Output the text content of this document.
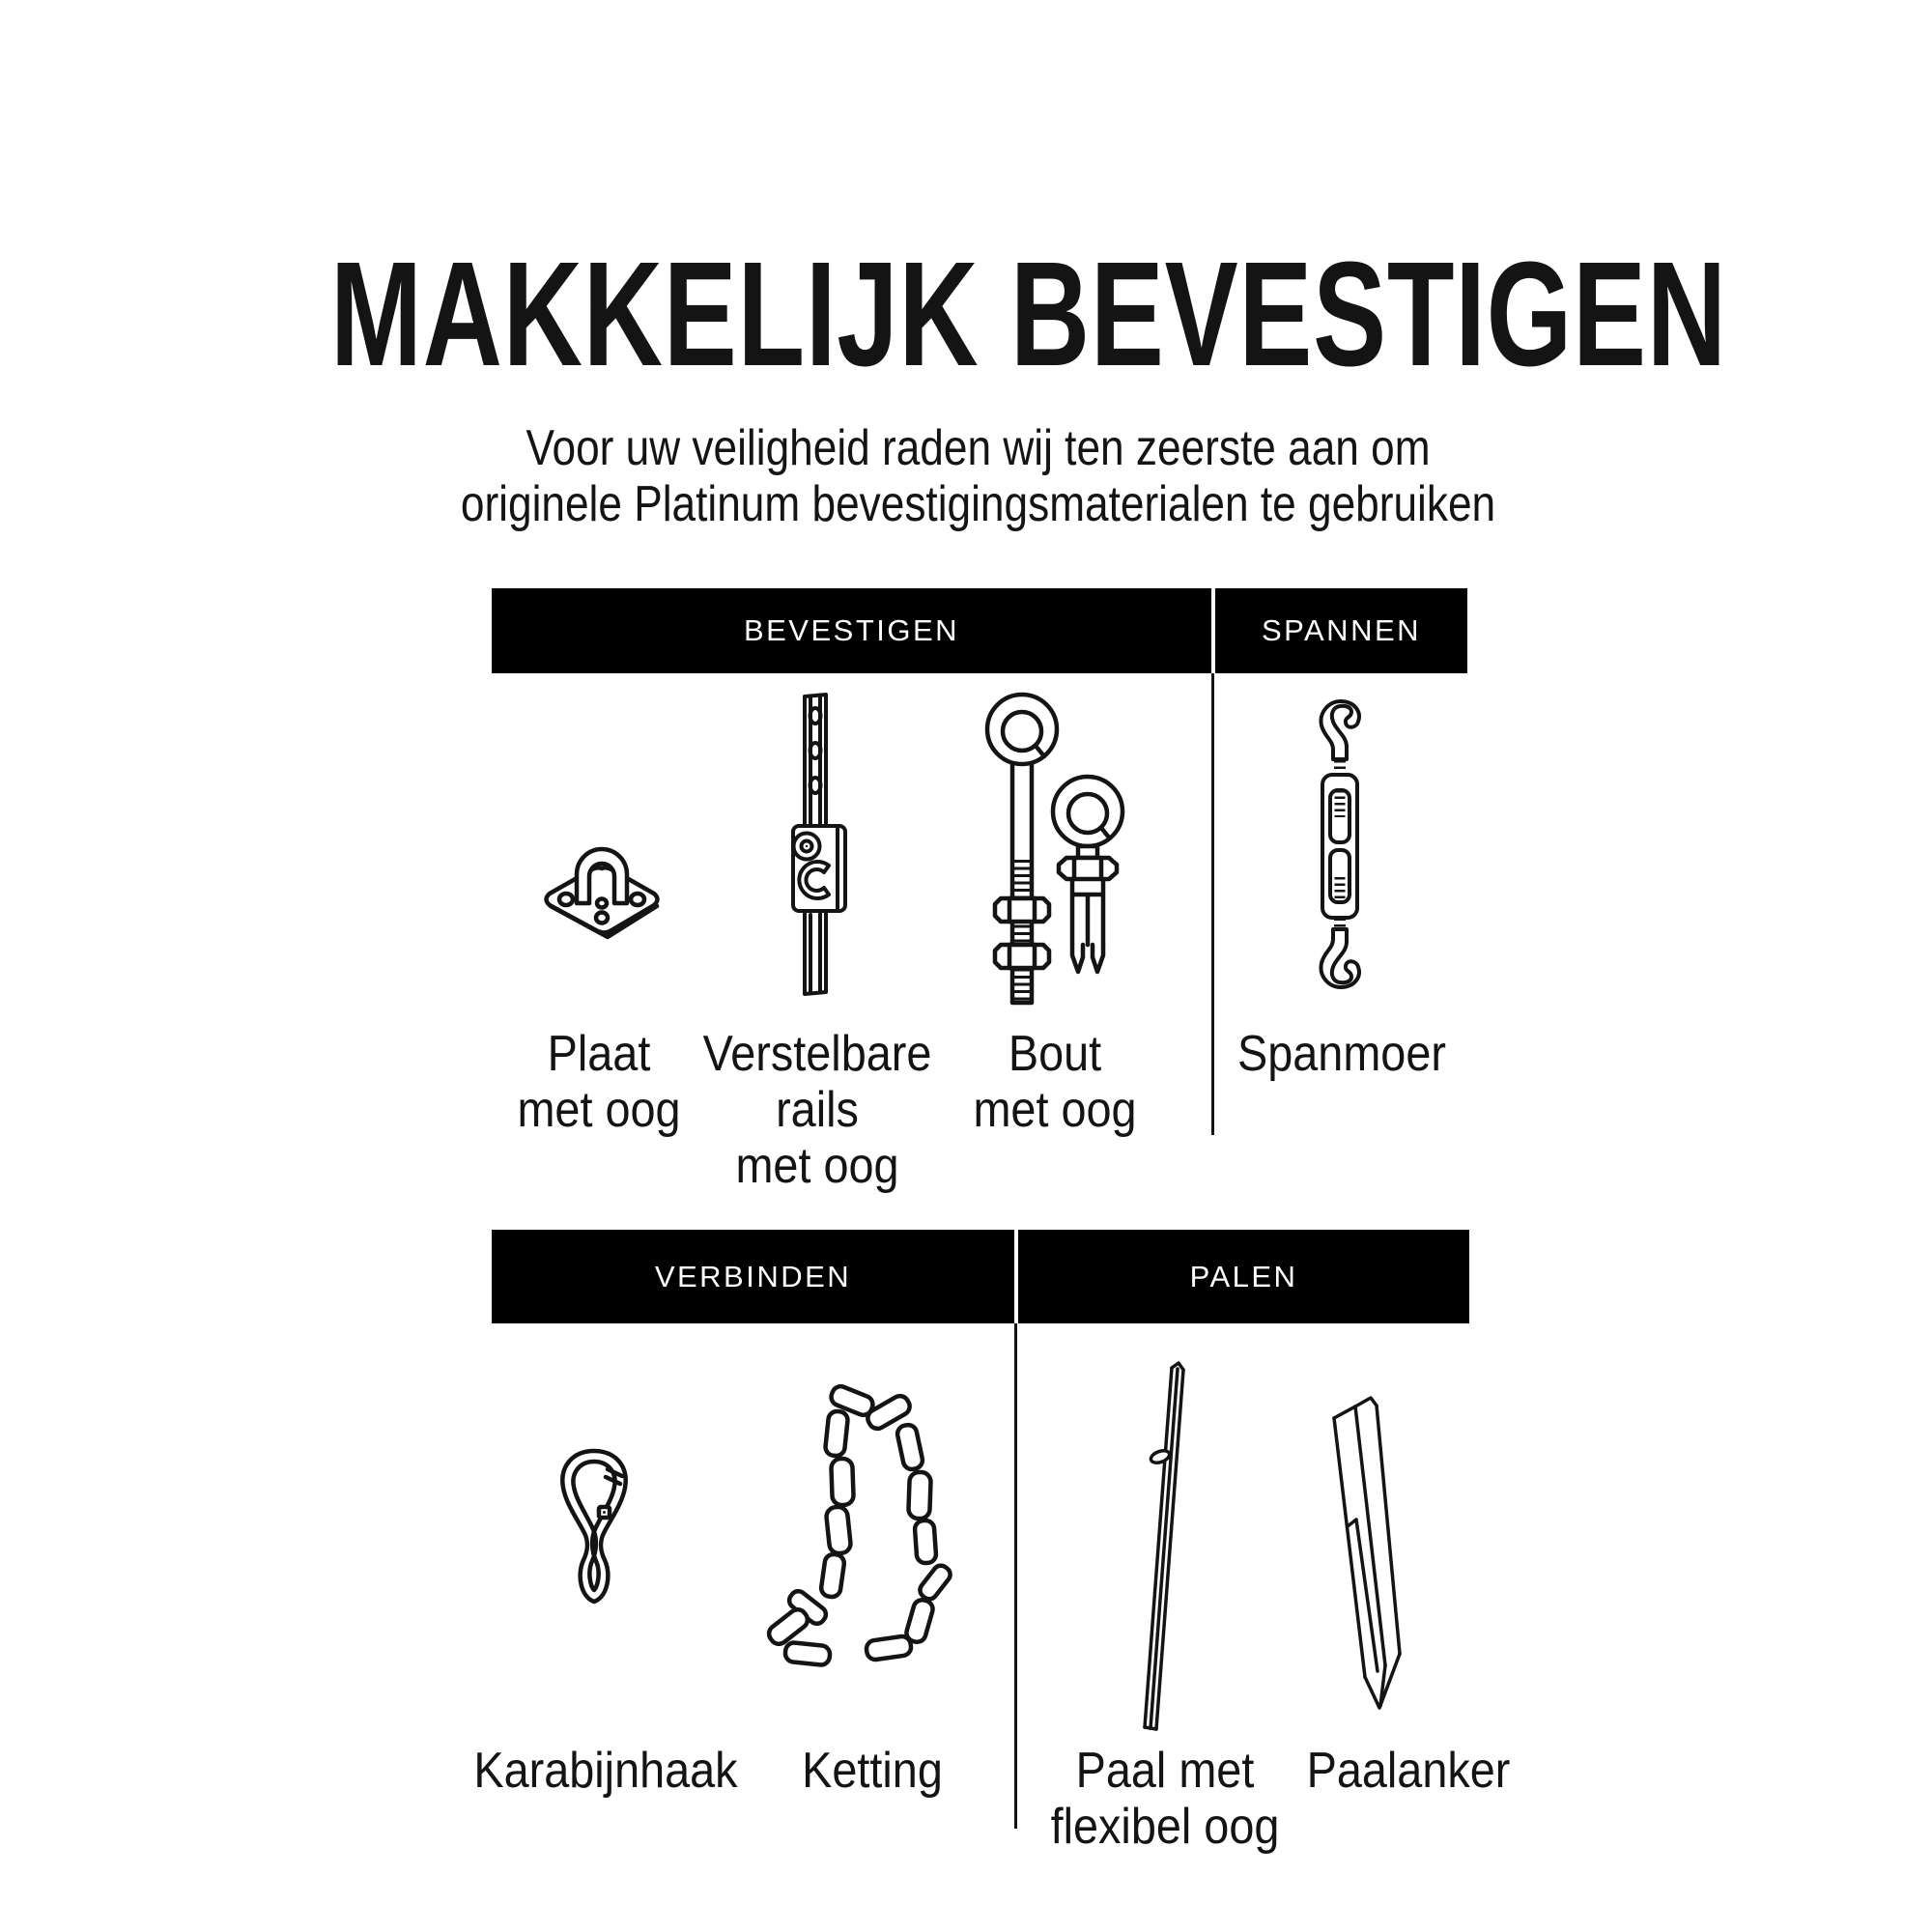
MAKKELIJK BEVESTIGEN
Voor uw veiligheid raden wij ten zeerste aan om
originele Platinum bevestigingsmaterialen te gebruiken
BEVESTIGEN	SPANNEN
VERBINDEN	PALEN
Plaat
met oog
Verstelbare
rails
met oog
Bout
met oog
Spanmoer
Karabijnhaak	Ketting	Paal met
flexibel oog
Paalanker
